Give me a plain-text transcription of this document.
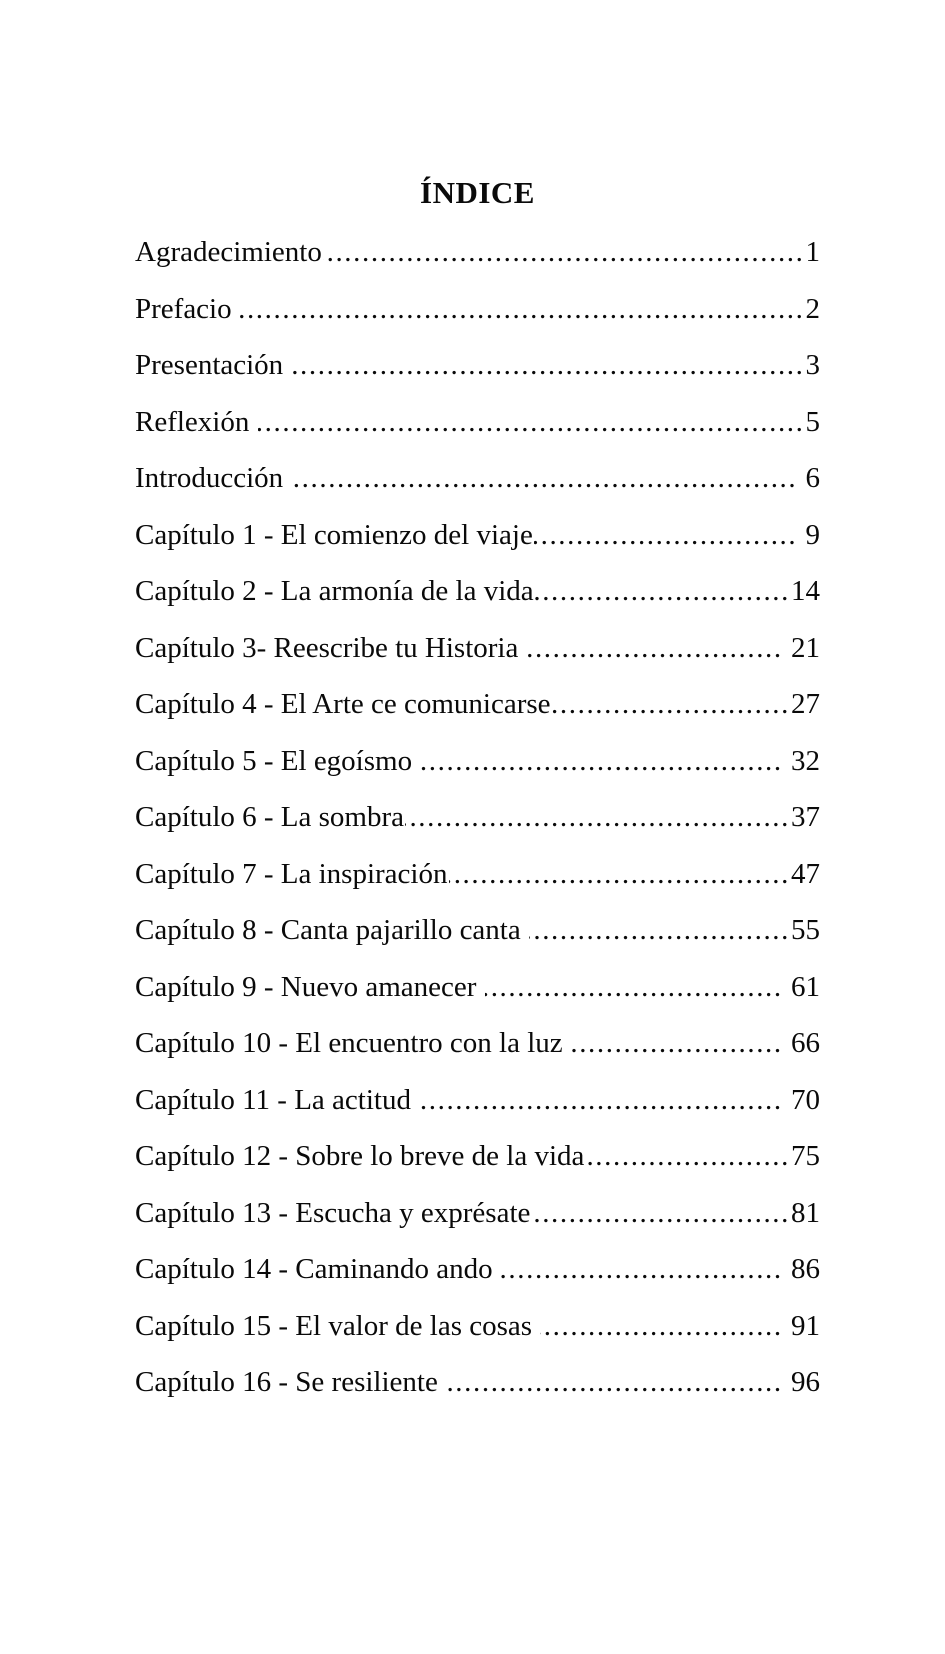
ÍNDICE
Agradecimiento .....	1
Prefacio .....	2
Presentación .....	3
Reflexión .....	5
Introducción .....	6
Capítulo 1 - El comienzo del viaje .....	9
Capítulo 2 - La armonía de la vida .....	14
Capítulo 3- Reescribe tu Historia .....	21
Capítulo 4 - El Arte ce comunicarse .....	27
Capítulo 5 - El egoísmo .....	32
Capítulo 6 - La sombra .....	37
Capítulo 7 - La inspiración .....	47
Capítulo 8 - Canta pajarillo canta .....	55
Capítulo 9 - Nuevo amanecer .....	61
Capítulo 10 - El encuentro con la luz .....	66
Capítulo 11 - La actitud .....	70
Capítulo 12 - Sobre lo breve de la vida .....	75
Capítulo 13 - Escucha y exprésate .....	81
Capítulo 14 - Caminando ando .....	86
Capítulo 15 - El valor de las cosas .....	91
Capítulo 16 - Se resiliente .....	96
